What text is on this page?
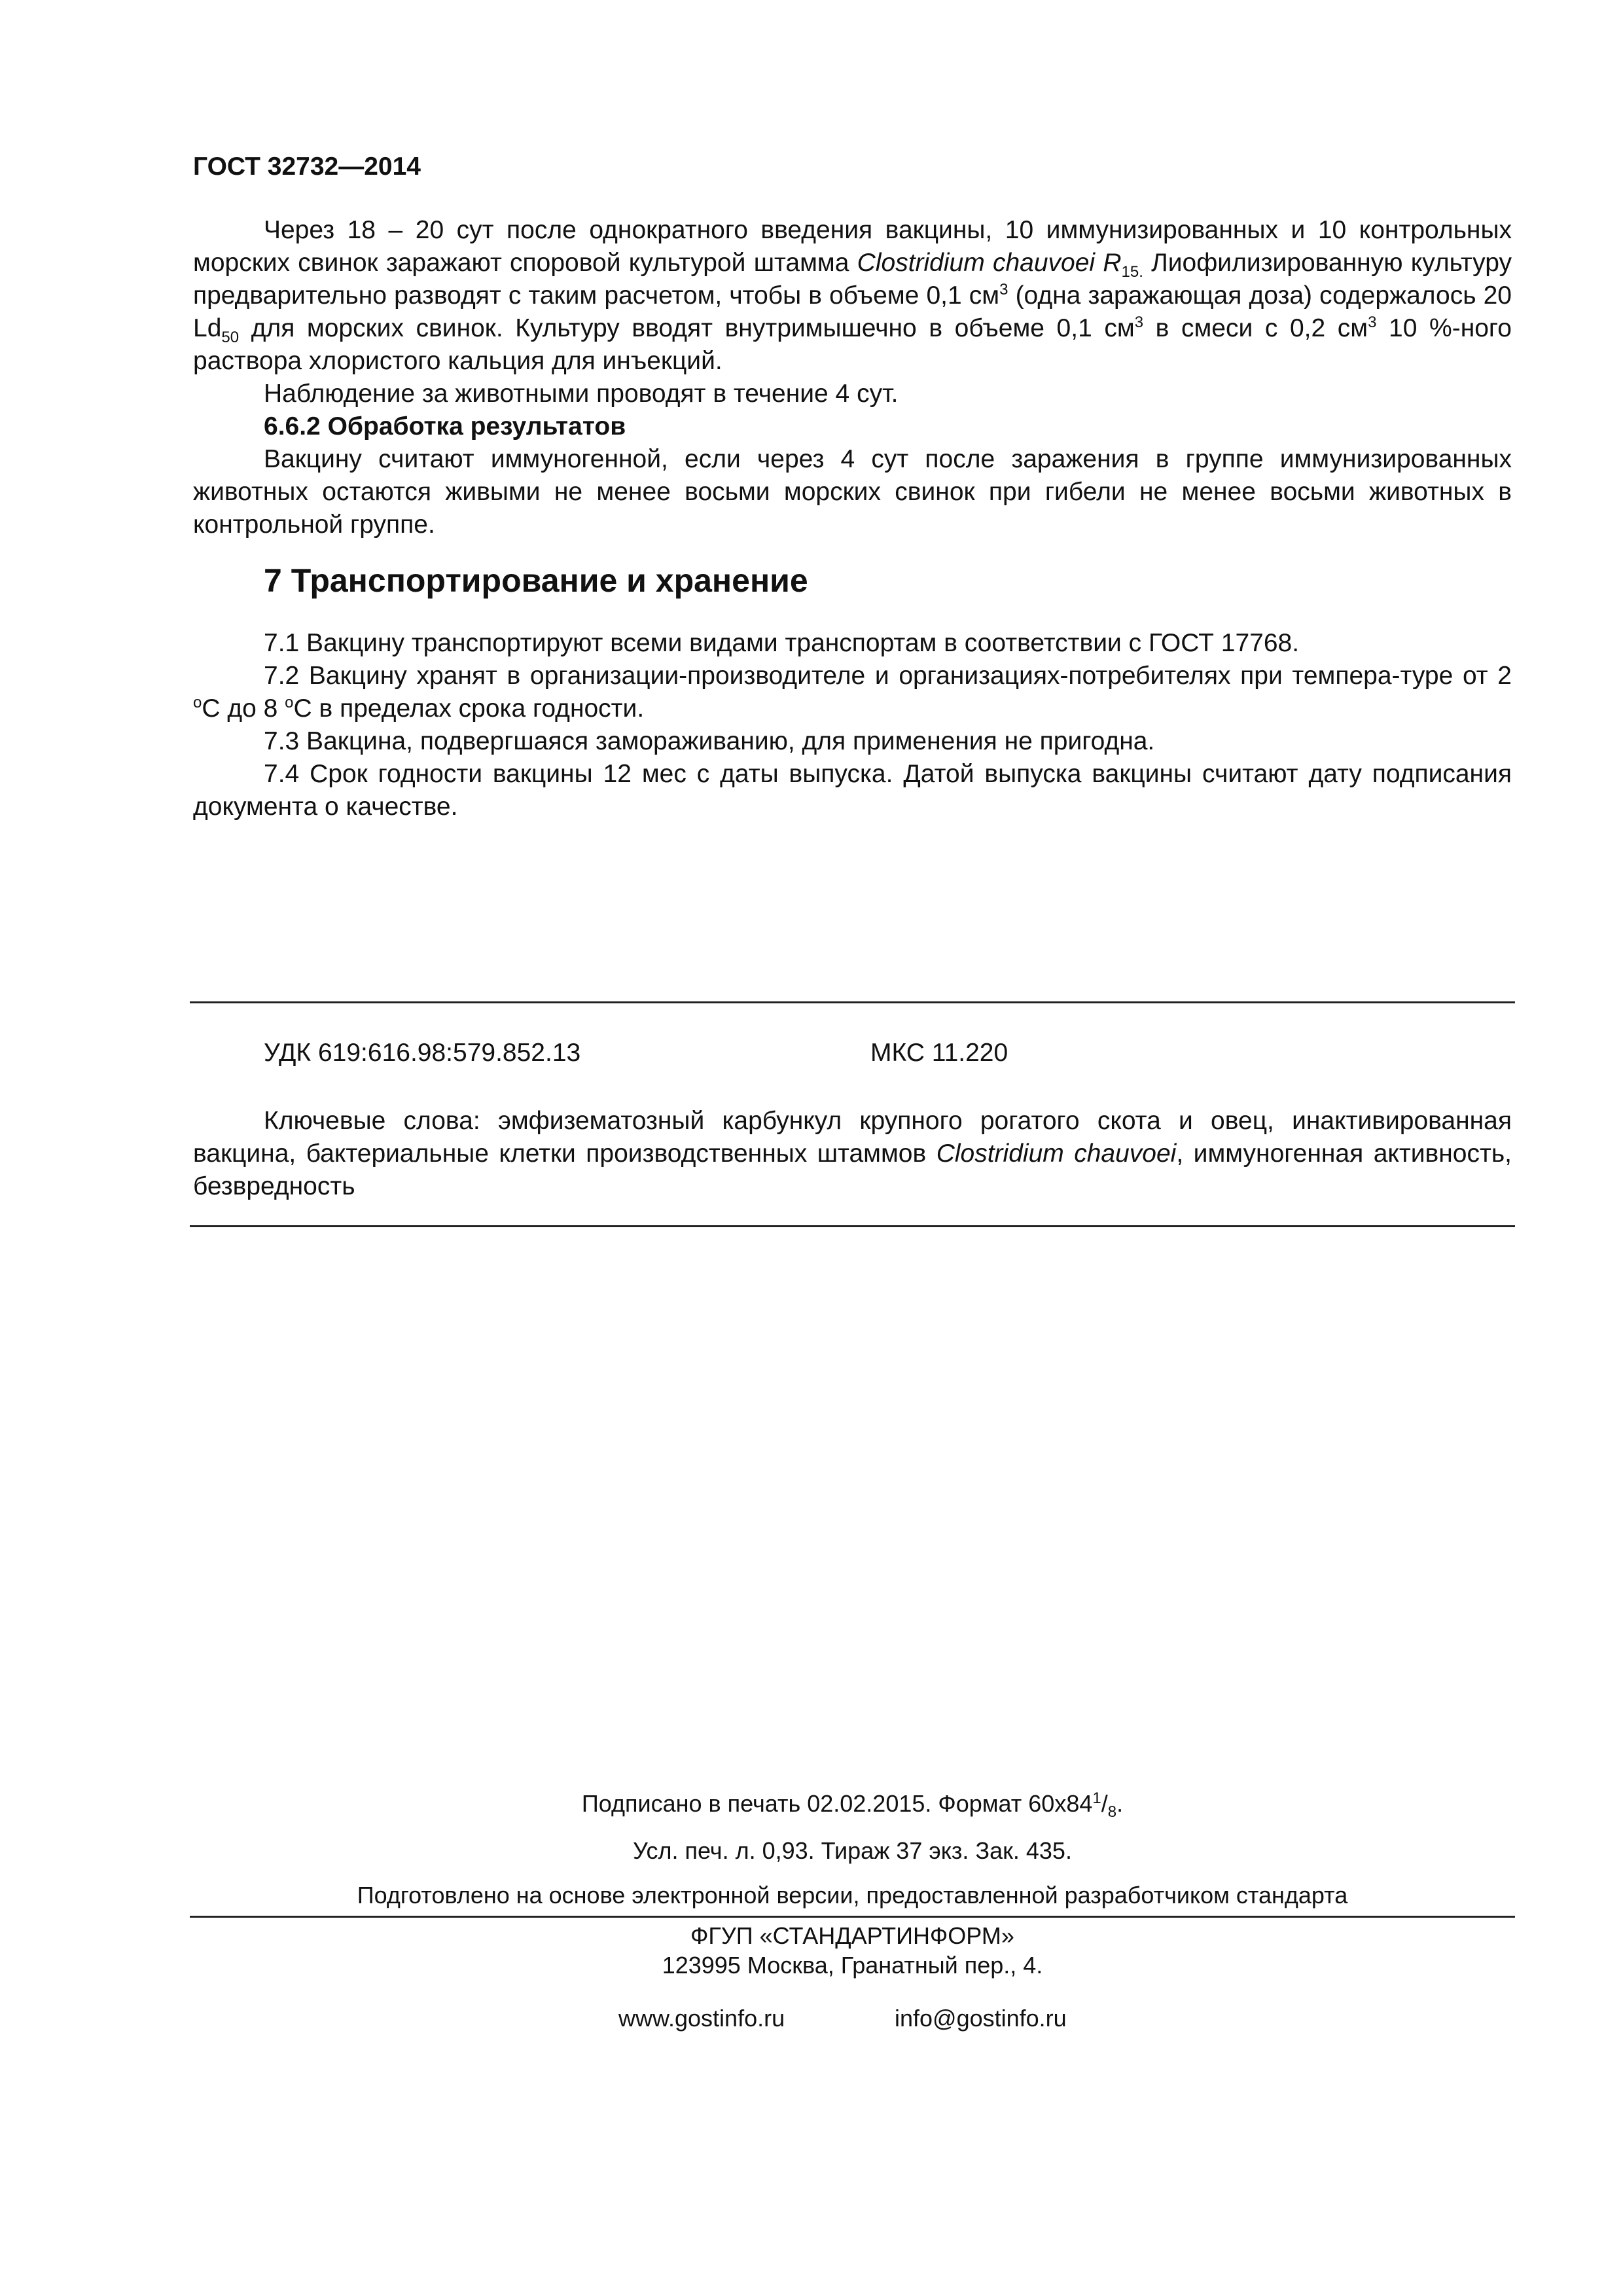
ГОСТ 32732—2014

Через 18 – 20 сут после однократного введения вакцины, 10 иммунизированных и 10 контрольных морских свинок заражают споровой культурой штамма Clostridium chauvoei $R_{15.}$ Лиофилизированную культуру предварительно разводят с таким расчетом, чтобы в объеме 0,1 $см^3$ (одна заражающая доза) содержалось 20 $Ld_{50}$ для морских свинок. Культуру вводят внутримышечно в объеме 0,1 $см^3$ в смеси с 0,2 $см^3$ 10 %-ного раствора хлористого кальция для инъекций.

Наблюдение за животными проводят в течение 4 сут.

6.6.2 Обработка результатов

Вакцину считают иммуногенной, если через 4 сут после заражения в группе иммунизированных животных остаются живыми не менее восьми морских свинок при гибели не менее восьми животных в контрольной группе.

7 Транспортирование и хранение

7.1 Вакцину транспортируют всеми видами транспортам в соответствии с ГОСТ 17768.

7.2 Вакцину хранят в организации-производителе и организациях-потребителях при темпера-туре от 2 $^o$С до 8 $^o$С в пределах срока годности.

7.3 Вакцина, подвергшаяся замораживанию, для применения не пригодна.

7.4 Срок годности вакцины 12 мес с даты выпуска. Датой выпуска вакцины считают дату подписания документа о качестве.

УДК 619:616.98:579.852.13	МКС 11.220
Ключевые слова: эмфизематозный карбункул крупного рогатого скота и овец, инактивированная вакцина, бактериальные клетки производственных штаммов Clostridium chauvoei, иммуногенная активность, безвредность
Подписано в печать 02.02.2015. Формат $60х84^1/_8$.
Усл. печ. л. 0,93. Тираж 37 экз. Зак. 435.
Подготовлено на основе электронной версии, предоставленной разработчиком стандарта
ФГУП «СТАНДАРТИНФОРМ»
123995 Москва, Гранатный пер., 4.
www.gostinfo.ru	info@gostinfo.ru
